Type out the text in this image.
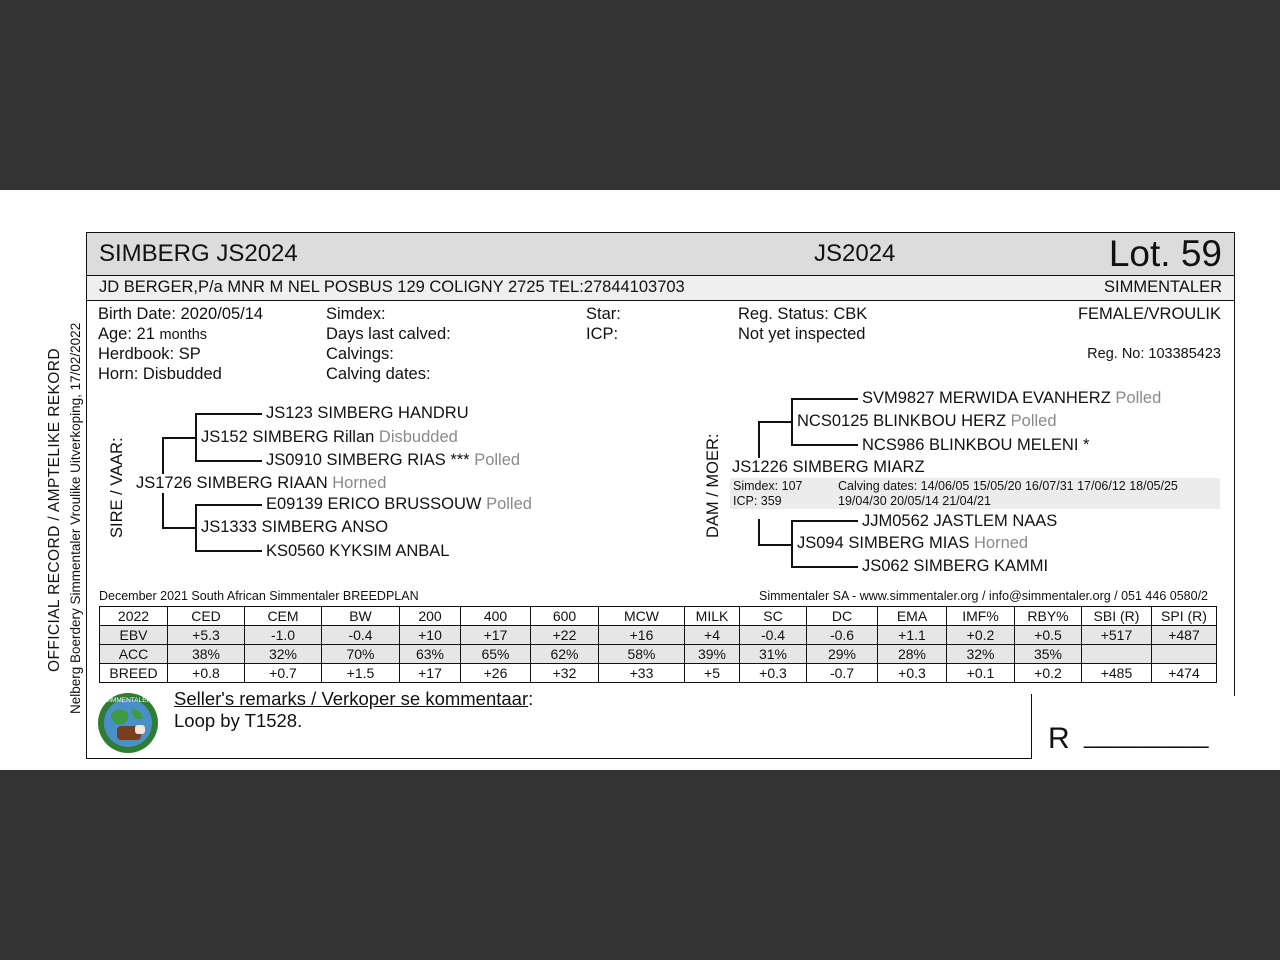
OFFICIAL RECORD / AMPTELIKE REKORD Nelberg Boerdery Simmentaler Vroulike Uitverkoping, 17/02/2022
SIMBERG JS2024	JS2024	Lot. 59
JD BERGER,P/a MNR M NEL POSBUS 129 COLIGNY 2725 TEL:27844103703	SIMMENTALER
Birth Date: 2020/05/14
Age: 21 months
Herdbook: SP
Horn: Disbudded
Simdex:
Days last calved:
Calvings:
Calving dates:
Star:
ICP:
Reg. Status: CBK
Not yet inspected
FEMALE/VROULIK
Reg. No: 103385423
SIRE / VAAR:
JS123 SIMBERG HANDRU
JS152 SIMBERG Rillan Disbudded
JS0910 SIMBERG RIAS *** Polled
JS1726 SIMBERG RIAAN Horned
E09139 ERICO BRUSSOUW Polled
JS1333 SIMBERG ANSO
KS0560 KYKSIM ANBAL
DAM / MOER:
SVM9827 MERWIDA EVANHERZ Polled
NCS0125 BLINKBOU HERZ Polled
NCS986 BLINKBOU MELENI *
JS1226 SIMBERG MIARZ
Simdex: 107
ICP: 359
Calving dates: 14/06/05 15/05/20 16/07/31 17/06/12 18/05/25
19/04/30 20/05/14 21/04/21
JJM0562 JASTLEM NAAS
JS094 SIMBERG MIAS Horned
JS062 SIMBERG KAMMI
December 2021 South African Simmentaler BREEDPLAN	Simmentaler SA - www.simmentaler.org / info@simmentaler.org / 051 446 0580/2
2022	CED	CEM	BW	200	400	600	MCW	MILK	SC	DC	EMA	IMF%	RBY%	SBI (R)	SPI (R)
EBV	+5.3	-1.0	-0.4	+10	+17	+22	+16	+4	-0.4	-0.6	+1.1	+0.2	+0.5	+517	+487
ACC	38%	32%	70%	63%	65%	62%	58%	39%	31%	29%	28%	32%	35%		
BREED	+0.8	+0.7	+1.5	+17	+26	+32	+33	+5	+0.3	-0.7	+0.3	+0.1	+0.2	+485	+474
R __________
SIMMENTALER Seller's remarks / Verkoper se kommentaar:
Loop by T1528.
